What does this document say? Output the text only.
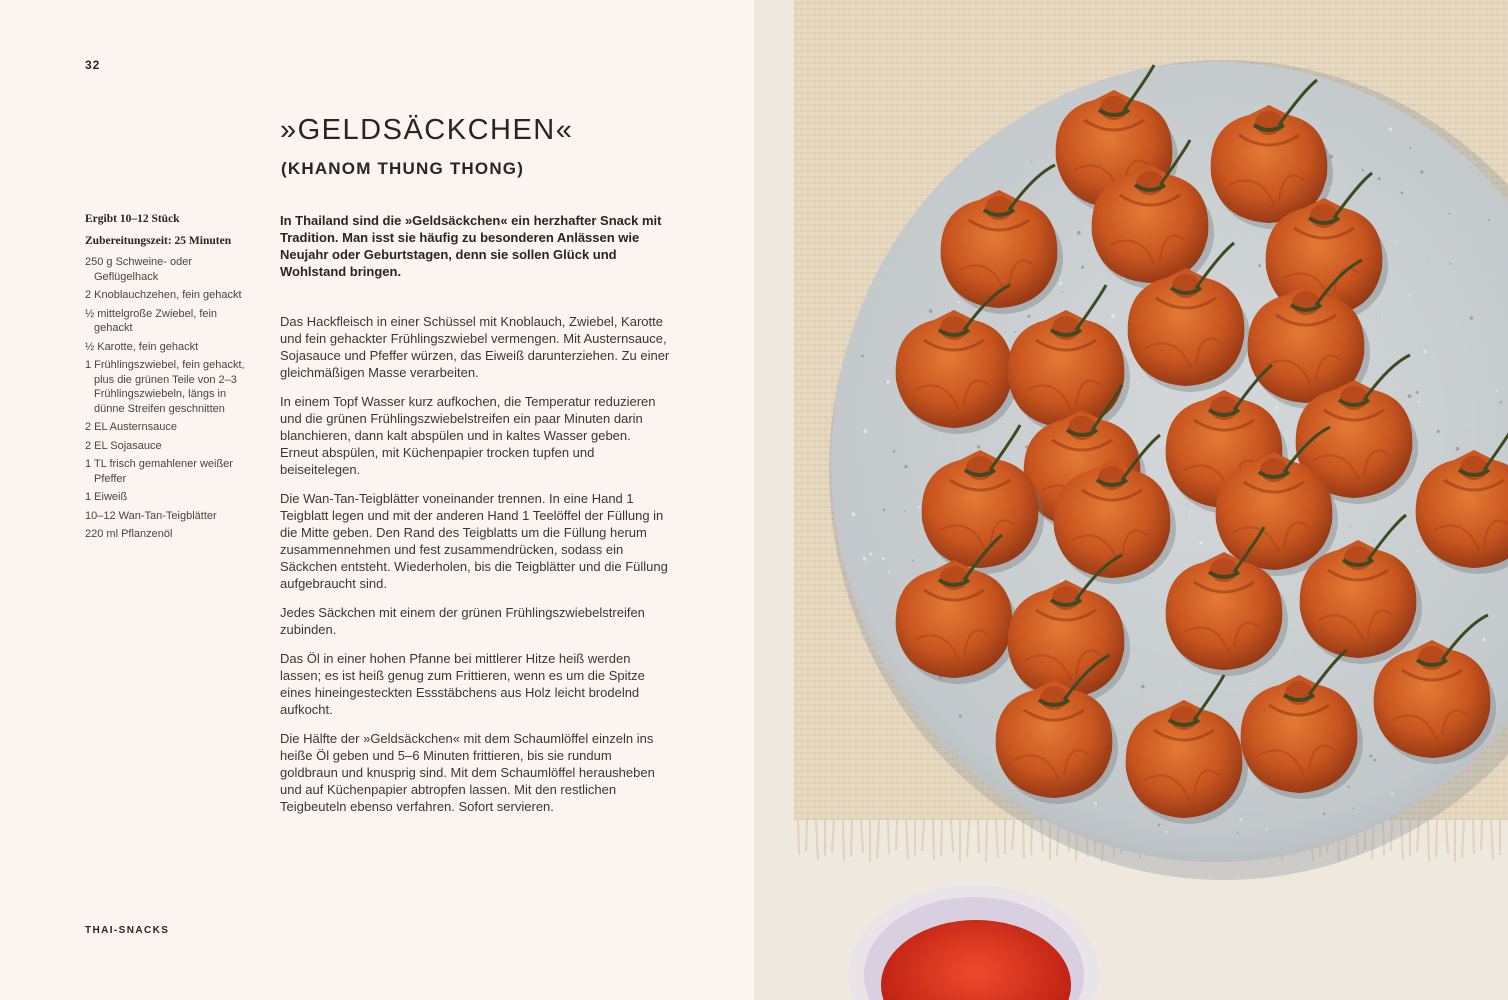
32
»GELDSÄCKCHEN«
(KHANOM THUNG THONG)

Ergibt 10–12 Stück

Zubereitungszeit: 25 Minuten

250 g Schweine- oder Geflügelhack
2 Knoblauchzehen, fein gehackt
½ mittelgroße Zwiebel, fein gehackt
½ Karotte, fein gehackt
1 Frühlingszwiebel, fein gehackt, plus die grünen Teile von 2–3 Frühlingszwiebeln, längs in dünne Streifen geschnitten
2 EL Austernsauce
2 EL Sojasauce
1 TL frisch gemahlener weißer Pfeffer
1 Eiweiß
10–12 Wan-Tan-Teigblätter
220 ml Pflanzenöl

In Thailand sind die »Geldsäckchen« ein herzhafter Snack mit Tradition. Man isst sie häufig zu besonderen Anlässen wie Neujahr oder Geburtstagen, denn sie sollen Glück und Wohlstand bringen.

Das Hackfleisch in einer Schüssel mit Knoblauch, Zwiebel, Karotte und fein gehackter Frühlingszwiebel vermengen. Mit Austernsauce, Sojasauce und Pfeffer würzen, das Eiweiß darunterziehen. Zu einer gleichmäßigen Masse verarbeiten.

In einem Topf Wasser kurz aufkochen, die Temperatur reduzieren und die grünen Frühlingszwiebelstreifen ein paar Minuten darin blanchieren, dann kalt abspülen und in kaltes Wasser geben. Erneut abspülen, mit Küchenpapier trocken tupfen und beiseitelegen.

Die Wan-Tan-Teigblätter voneinander trennen. In eine Hand 1 Teigblatt legen und mit der anderen Hand 1 Teelöffel der Füllung in die Mitte geben. Den Rand des Teigblatts um die Füllung herum zusammennehmen und fest zusammendrücken, sodass ein Säckchen entsteht. Wiederholen, bis die Teigblätter und die Füllung aufgebraucht sind.

Jedes Säckchen mit einem der grünen Frühlingszwiebelstreifen zubinden.

Das Öl in einer hohen Pfanne bei mittlerer Hitze heiß werden lassen; es ist heiß genug zum Frittieren, wenn es um die Spitze eines hineingesteckten Essstäbchens aus Holz leicht brodelnd aufkocht.

Die Hälfte der »Geldsäckchen« mit dem Schaumlöffel einzeln ins heiße Öl geben und 5–6 Minuten frittieren, bis sie rundum goldbraun und knusprig sind. Mit dem Schaumlöffel herausheben und auf Küchenpapier abtropfen lassen. Mit den restlichen Teigbeuteln ebenso verfahren. Sofort servieren.

THAI-SNACKS
